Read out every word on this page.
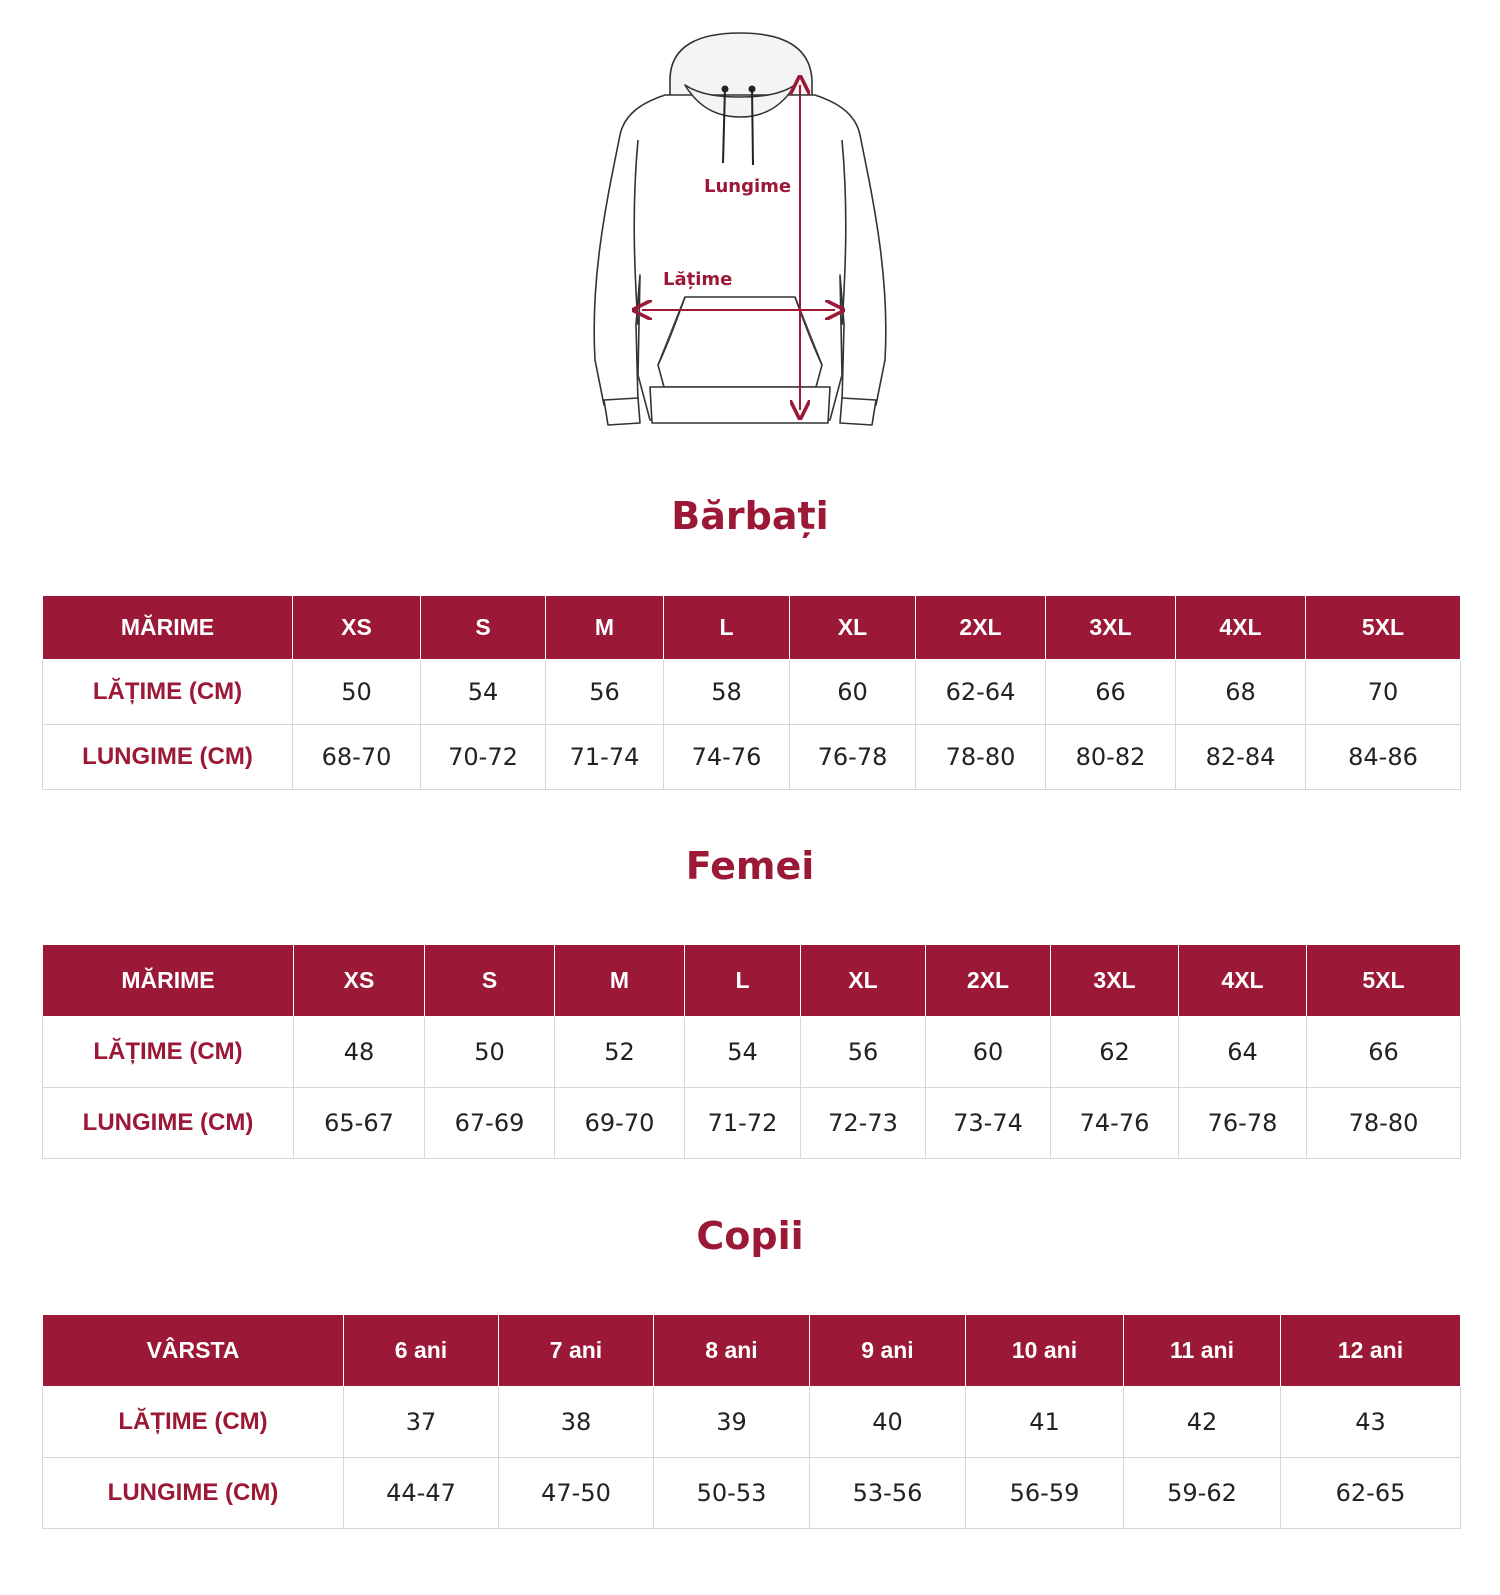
Lungime
Lățime
Bărbați
MĂRIME	XS	S	M	L	XL	2XL	3XL	4XL	5XL
LĂȚIME (CM)	50	54	56	58	60	62-64	66	68	70
LUNGIME (CM)	68-70	70-72	71-74	74-76	76-78	78-80	80-82	82-84	84-86
Femei
MĂRIME	XS	S	M	L	XL	2XL	3XL	4XL	5XL
LĂȚIME (CM)	48	50	52	54	56	60	62	64	66
LUNGIME (CM)	65-67	67-69	69-70	71-72	72-73	73-74	74-76	76-78	78-80
Copii
VÂRSTA	6 ani	7 ani	8 ani	9 ani	10 ani	11 ani	12 ani
LĂȚIME (CM)	37	38	39	40	41	42	43
LUNGIME (CM)	44-47	47-50	50-53	53-56	56-59	59-62	62-65
